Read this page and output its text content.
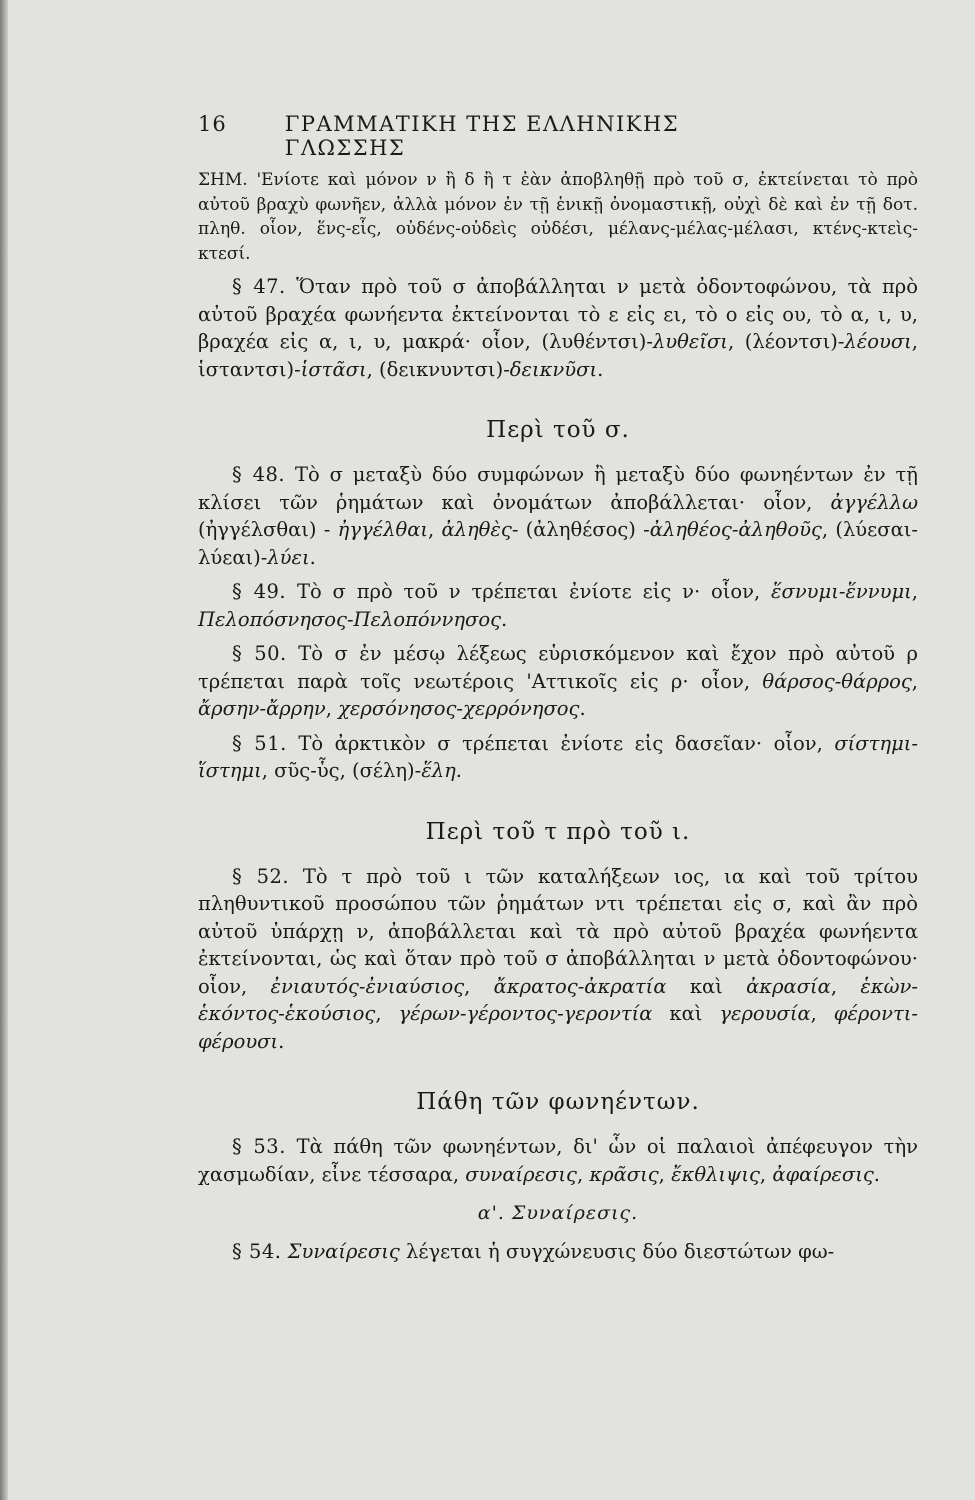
16	ΓΡΑΜΜΑΤΙΚΗ ΤΗΣ ΕΛΛΗΝΙΚΗΣ ΓΛΩΣΣΗΣ

ΣΗΜ. 'Ενίοτε καὶ μόνον ν ἢ δ ἢ τ ἐὰν ἀποβληθῇ πρὸ τοῦ σ, ἐκτείνεται τὸ πρὸ αὐτοῦ βραχὺ φωνῆεν, ἀλλὰ μόνον ἐν τῇ ἑνικῇ ὀνομαστικῇ, οὐχὶ δὲ καὶ ἐν τῇ δοτ. πληθ. οἷον, ἕνς-εἷς, οὐδένς-οὐδεὶς οὐδέσι, μέλανς-μέλας-μέλασι, κτένς-κτεὶς-κτεσί.

§ 47. Ὅταν πρὸ τοῦ σ ἀποβάλληται ν μετὰ ὀδοντοφώνου, τὰ πρὸ αὐτοῦ βραχέα φωνήεντα ἐκτείνονται τὸ ε εἰς ει, τὸ ο εἰς ου, τὸ α, ι, υ, βραχέα εἰς α, ι, υ, μακρά· οἷον, (λυθέντσι)-λυθεῖσι, (λέοντσι)-λέουσι, ἱσταντσι)-ἱστᾶσι, (δεικνυντσι)-δεικνῦσι.

Περὶ τοῦ σ.

§ 48. Τὸ σ μεταξὺ δύο συμφώνων ἢ μεταξὺ δύο φωνηέντων ἐν τῇ κλίσει τῶν ῥημάτων καὶ ὀνομάτων ἀποβάλλεται· οἷον, ἀγγέλλω (ἠγγέλσθαι) - ἠγγέλθαι, ἀληθὲς- (ἀληθέσος) -ἀληθέος-ἀληθοῦς, (λύεσαι-λύεαι)-λύει.

§ 49. Τὸ σ πρὸ τοῦ ν τρέπεται ἐνίοτε εἰς ν· οἷον, ἕσνυμι-ἕννυμι, Πελοπόσνησος-Πελοπόννησος.

§ 50. Τὸ σ ἐν μέσῳ λέξεως εὑρισκόμενον καὶ ἔχον πρὸ αὐτοῦ ρ τρέπεται παρὰ τοῖς νεωτέροις 'Αττικοῖς εἰς ρ· οἷον, θάρσος-θάρρος, ἄρσην-ἄρρην, χερσόνησος-χερρόνησος.

§ 51. Τὸ ἀρκτικὸν σ τρέπεται ἐνίοτε εἰς δασεῖαν· οἷον, σίστημι-ἵστημι, σῦς-ὗς, (σέλη)-ἕλη.

Περὶ τοῦ τ πρὸ τοῦ ι.

§ 52. Τὸ τ πρὸ τοῦ ι τῶν καταλήξεων ιος, ια καὶ τοῦ τρίτου πληθυντικοῦ προσώπου τῶν ῥημάτων ντι τρέπεται εἰς σ, καὶ ἂν πρὸ αὐτοῦ ὑπάρχῃ ν, ἀποβάλλεται καὶ τὰ πρὸ αὐτοῦ βραχέα φωνήεντα ἐκτείνονται, ὡς καὶ ὅταν πρὸ τοῦ σ ἀποβάλληται ν μετὰ ὀδοντοφώνου· οἷον, ἐνιαυτός-ἐνιαύσιος, ἄκρατος-ἀκρατία καὶ ἀκρασία, ἑκὼν-ἑκόντος-ἑκούσιος, γέρων-γέροντος-γεροντία καὶ γερουσία, φέροντι-φέρουσι.

Πάθη τῶν φωνηέντων.

§ 53. Τὰ πάθη τῶν φωνηέντων, δι' ὧν οἱ παλαιοὶ ἀπέφευγον τὴν χασμωδίαν, εἶνε τέσσαρα, συναίρεσις, κρᾶσις, ἔκθλιψις, ἀφαίρεσις.

α'. Συναίρεσις.

§ 54. Συναίρεσις λέγεται ἡ συγχώνευσις δύο διεστώτων φω-
